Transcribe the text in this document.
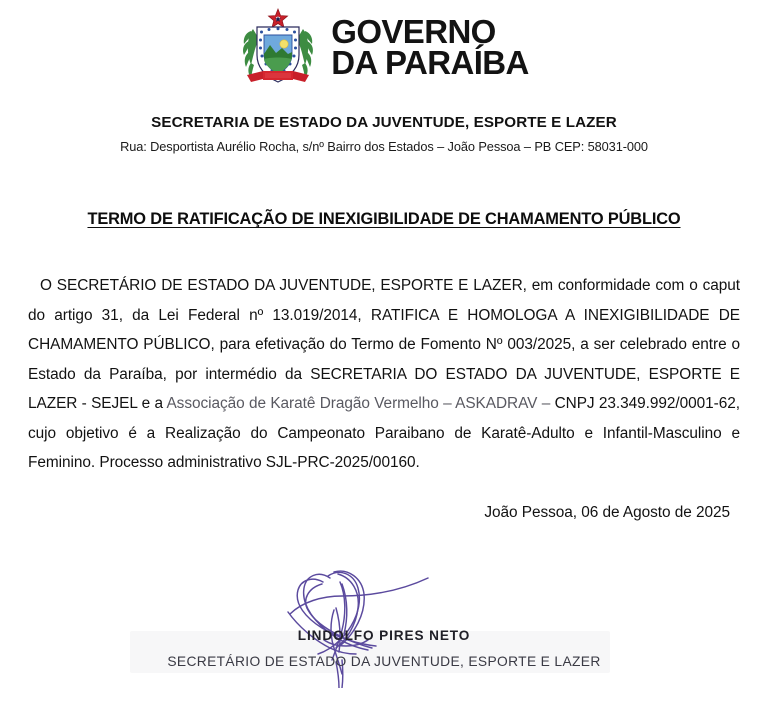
GOVERNO
DA PARAÍBA
SECRETARIA DE ESTADO DA JUVENTUDE, ESPORTE E LAZER
Rua: Desportista Aurélio Rocha, s/nº Bairro dos Estados – João Pessoa – PB CEP: 58031-000
TERMO DE RATIFICAÇÃO DE INEXIGIBILIDADE DE CHAMAMENTO PÚBLICO

O SECRETÁRIO DE ESTADO DA JUVENTUDE, ESPORTE E LAZER, em conformidade com o caput do artigo 31, da Lei Federal nº 13.019/2014, RATIFICA E HOMOLOGA A INEXIGIBILIDADE DE CHAMAMENTO PÚBLICO, para efetivação do Termo de Fomento Nº 003/2025, a ser celebrado entre o Estado da Paraíba, por intermédio da SECRETARIA DO ESTADO DA JUVENTUDE, ESPORTE E LAZER - SEJEL e a Associação de Karatê Dragão Vermelho – ASKADRAV – CNPJ 23.349.992/0001-62, cujo objetivo é a Realização do Campeonato Paraibano de Karatê-Adulto e Infantil-Masculino e Feminino. Processo administrativo SJL-PRC-2025/00160.

João Pessoa, 06 de Agosto de 2025
LINDOLFO PIRES NETO
SECRETÁRIO DE ESTADO DA JUVENTUDE, ESPORTE E LAZER
